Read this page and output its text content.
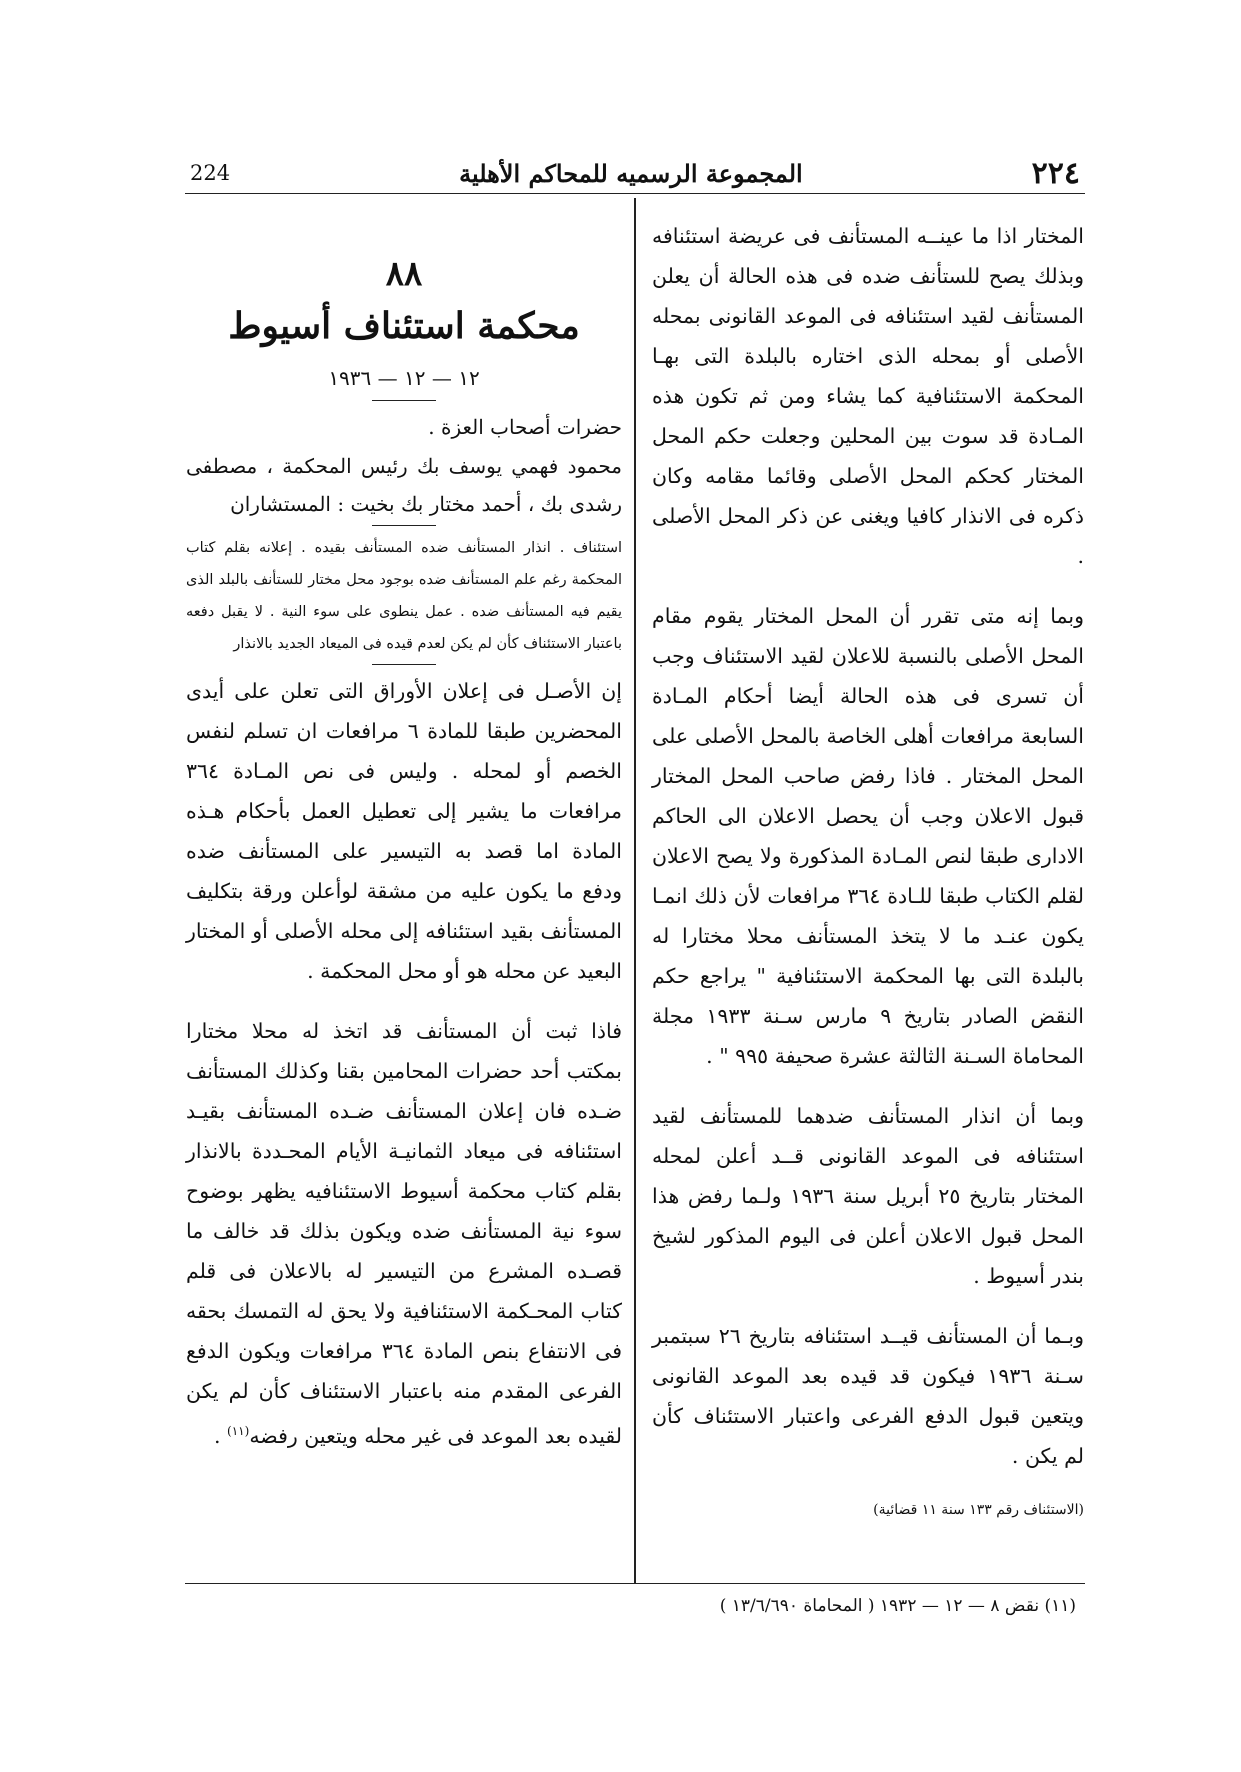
224	المجموعة الرسميه للمحاكم الأهلية	٢٢٤

المختار اذا ما عينــه المستأنف فى عريضة استئنافه وبذلك يصح للستأنف ضده فى هذه الحالة أن يعلن المستأنف لقيد استئنافه فى الموعد القانونى بمحله الأصلى أو بمحله الذى اختاره بالبلدة التى بهـا المحكمة الاستئنافية كما يشاء ومن ثم تكون هذه المـادة قد سوت بين المحلين وجعلت حكم المحل المختار كحكم المحل الأصلى وقائما مقامه وكان ذكره فى الانذار كافيا ويغنى عن ذكر المحل الأصلى .

وبما إنه متى تقرر أن المحل المختار يقوم مقام المحل الأصلى بالنسبة للاعلان لقيد الاستئناف وجب أن تسرى فى هذه الحالة أيضا أحكام المـادة السابعة مرافعات أهلى الخاصة بالمحل الأصلى على المحل المختار . فاذا رفض صاحب المحل المختار قبول الاعلان وجب أن يحصل الاعلان الى الحاكم الادارى طبقا لنص المـادة المذكورة ولا يصح الاعلان لقلم الكتاب طبقا للـادة ٣٦٤ مرافعات لأن ذلك انمـا يكون عنـد ما لا يتخذ المستأنف محلا مختارا له بالبلدة التى بها المحكمة الاستئنافية " يراجع حكم النقض الصادر بتاريخ ٩ مارس سـنة ١٩٣٣ مجلة المحاماة السـنة الثالثة عشرة صحيفة ٩٩٥ " .

وبما أن انذار المستأنف ضدهما للمستأنف لقيد استئنافه فى الموعد القانونى قــد أعلن لمحله المختار بتاريخ ٢٥ أبريل سنة ١٩٣٦ ولـما رفض هذا المحل قبول الاعلان أعلن فى اليوم المذكور لشيخ بندر أسيوط .

وبـما أن المستأنف قيــد استئنافه بتاريخ ٢٦ سبتمبر سـنة ١٩٣٦ فيكون قد قيده بعد الموعد القانونى ويتعين قبول الدفع الفرعى واعتبار الاستئناف كأن لم يكن .

(الاستئناف رقم ١٣٣ سنة ١١ قضائية)

٨٨
محكمة استئناف أسيوط
١٢ — ١٢ — ١٩٣٦
حضرات أصحاب العزة .
محمود فهمي يوسف بك رئيس المحكمة ، مصطفى رشدى بك ، أحمد مختار بك بخيت : المستشاران
استئناف . انذار المستأنف ضده المستأنف بقيده . إعلانه بقلم كتاب المحكمة رغم علم المستأنف ضده بوجود محل مختار للستأنف بالبلد الذى يقيم فيه المستأنف ضده . عمل ينطوى على سوء النية . لا يقبل دفعه باعتبار الاستئناف كأن لم يكن لعدم قيده فى الميعاد الجديد بالانذار

إن الأصـل فى إعلان الأوراق التى تعلن على أيدى المحضرين طبقا للمادة ٦ مرافعات ان تسلم لنفس الخصم أو لمحله . وليس فى نص المـادة ٣٦٤ مرافعات ما يشير إلى تعطيل العمل بأحكام هـذه المادة اما قصد به التيسير على المستأنف ضده ودفع ما يكون عليه من مشقة لوأعلن ورقة بتكليف المستأنف بقيد استئنافه إلى محله الأصلى أو المختار البعيد عن محله هو أو محل المحكمة .

فاذا ثبت أن المستأنف قد اتخذ له محلا مختارا بمكتب أحد حضرات المحامين بقنا وكذلك المستأنف ضـده فان إعلان المستأنف ضـده المستأنف بقيـد استئنافه فى ميعاد الثمانيـة الأيام المحـددة بالانذار بقلم كتاب محكمة أسيوط الاستئنافيه يظهر بوضوح سوء نية المستأنف ضده ويكون بذلك قد خالف ما قصـده المشرع من التيسير له بالاعلان فى قلم كتاب المحـكمة الاستئنافية ولا يحق له التمسك بحقه فى الانتفاع بنص المادة ٣٦٤ مرافعات ويكون الدفع الفرعى المقدم منه باعتبار الاستئناف كأن لم يكن لقيده بعد الموعد فى غير محله ويتعين رفضه$^{(١١)}$ .

(١١) نقض ٨ — ١٢ — ١٩٣٢ ( المحاماة ١٣/٦/٦٩٠ )
